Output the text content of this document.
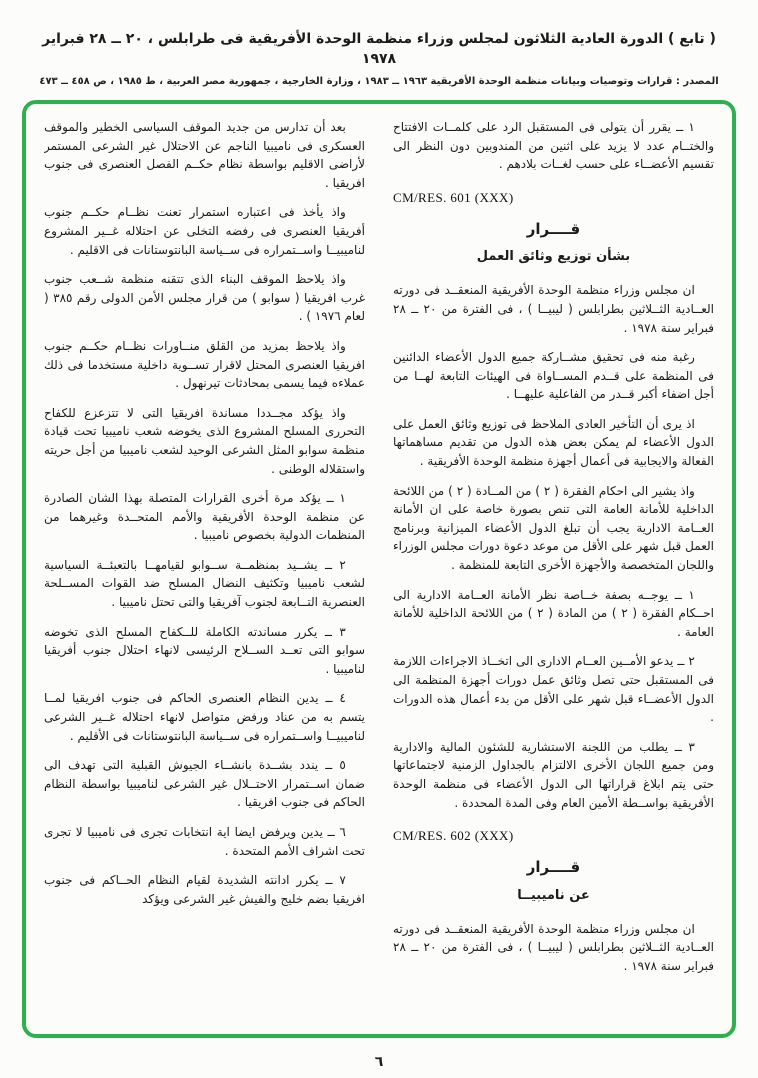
( تابع ) الدورة العادية الثلاثون لمجلس وزراء منظمة الوحدة الأفريقية فى طرابلس ، ٢٠ ــ ٢٨ فبراير ١٩٧٨
المصدر : قرارات وتوصيات وبيانات منظمة الوحدة الأفريقية ١٩٦٣ ــ ١٩٨٣ ، وزارة الخارجية ، جمهورية مصر العربية ، ط ١٩٨٥ ، ص ٤٥٨ ــ ٤٧٣

١ ــ يقرر أن يتولى فى المستقبل الرد على كلمــات الافتتاح والختــام عدد لا يزيد على اثنين من المندوبين دون النظر الى تقسيم الأعضــاء على حسب لغــات بلادهم .

CM/RES. 601 (XXX)

قــــرار

بشأن توزيع وثائق العمل

ان مجلس وزراء منظمة الوحدة الأفريقية المنعقــد فى دورته العــادية الثــلاثين بطرابلس ( ليبيــا ) ، فى الفترة من ٢٠ ــ ٢٨ فبراير سنة ١٩٧٨ .

رغبة منه فى تحقيق مشــاركة جميع الدول الأعضاء الدائنين فى المنظمة على قــدم المســاواة فى الهيئات التابعة لهــا من أجل اضفاء أكبر قــدر من الفاعلية عليهــا .

اذ يرى أن التأخير العادى الملاحظ فى توزيع وثائق العمل على الدول الأعضاء لم يمكن بعض هذه الدول من تقديم مساهماتها الفعالة والايجابية فى أعمال أجهزة منظمة الوحدة الأفريقية .

واذ يشير الى احكام الفقرة ( ٢ ) من المــادة ( ٢ ) من اللائحة الداخلية للأمانة العامة التى تنص بصورة خاصة على ان الأمانة العــامة الادارية يجب أن تبلغ الدول الأعضاء الميزانية وبرنامج العمل قبل شهر على الأقل من موعد دعوة دورات مجلس الوزراء واللجان المتخصصة والأجهزة الأخرى التابعة للمنظمة .

١ ــ يوجــه بصفة خــاصة نظر الأمانة العــامة الادارية الى احــكام الفقرة ( ٢ ) من المادة ( ٢ ) من اللائحة الداخلية للأمانة العامة .

٢ ــ يدعو الأمــين العــام الادارى الى اتخــاذ الاجراءات اللازمة فى المستقبل حتى تصل وثائق عمل دورات أجهزة المنظمة الى الدول الأعضــاء قبل شهر على الأقل من بدء أعمال هذه الدورات .

٣ ــ يطلب من اللجنة الاستشارية للشئون المالية والادارية ومن جميع اللجان الأخرى الالتزام بالجداول الزمنية لاجتماعاتها حتى يتم ابلاغ قراراتها الى الدول الأعضاء فى منظمة الوحدة الأفريقية بواســطة الأمين العام وفى المدة المحددة .

CM/RES. 602 (XXX)

قــــرار

عن ناميبيــا

ان مجلس وزراء منظمة الوحدة الأفريقية المنعقــد فى دورته العــادية الثــلاثين بطرابلس ( ليبيــا ) ، فى الفترة من ٢٠ ــ ٢٨ فبراير سنة ١٩٧٨ .

بعد أن تدارس من جديد الموقف السياسى الخطير والموقف العسكرى فى ناميبيا الناجم عن الاحتلال غير الشرعى المستمر لأراضى الاقليم بواسطة نظام حكــم الفصل العنصرى فى جنوب افريقيا .

واذ يأخذ فى اعتباره استمرار تعنت نظــام حكــم جنوب أفريقيا العنصرى فى رفضه التخلى عن احتلاله غــير المشروع لناميبيــا واســتمراره فى ســياسة البانتوستانات فى الاقليم .

واذ يلاحظ الموقف البناء الذى تتقنه منظمة شــعب جنوب غرب افريقيا ( سوابو ) من قرار مجلس الأمن الدولى رقم ٣٨٥ ( لعام ١٩٧٦ ) .

واذ يلاحظ بمزيد من القلق منــاورات نظــام حكــم جنوب افريقيا العنصرى المحتل لاقرار تســوية داخلية مستخدما فى ذلك عملاءه فيما يسمى بمحادثات تيرنهول .

واذ يؤكد مجــددا مساندة افريقيا التى لا تتزعزع للكفاح التحررى المسلح المشروع الذى يخوضه شعب ناميبيا تحت قيادة منظمة سوابو المثل الشرعى الوحيد لشعب ناميبيا من أجل حريته واستقلاله الوطنى .

١ ــ يؤكد مرة أخرى القرارات المتصلة بهذا الشان الصادرة عن منظمة الوحدة الأفريقية والأمم المتحــدة وغيرهما من المنظمات الدولية بخصوص ناميبيا .

٢ ــ يشــيد بمنظمــة ســوابو لقيامهــا بالتعبئــة السياسية لشعب ناميبيا وتكثيف النضال المسلح ضد القوات المســلحة العنصرية التــابعة لجنوب آفريقيا والتى تحتل ناميبيا .

٣ ــ يكرر مساندته الكاملة للــكفاح المسلح الذى تخوضه سوابو التى تعــد الســلاح الرئيسى لانهاء احتلال جنوب أفريقيا لناميبيا .

٤ ــ يدين النظام العنصرى الحاكم فى جنوب افريقيا لمــا يتسم به من عناد ورفض متواصل لانهاء احتلاله غــير الشرعى لناميبيــا واســتمراره فى ســياسة البانتوستانات فى الأقليم .

٥ ــ يندد بشــدة بانشــاء الجيوش القبلية التى تهدف الى ضمان اســتمرار الاحتــلال غير الشرعى لناميبيا بواسطة النظام الحاكم فى جنوب افريقيا .

٦ ــ يدين ويرفض ايضا اية انتخابات تجرى فى ناميبيا لا تجرى تحت اشراف الأمم المتحدة .

٧ ــ يكرر ادانته الشديدة لقيام النظام الحــاكم فى جنوب افريقيا بضم خليج والفيش غير الشرعى ويؤكد

٦
